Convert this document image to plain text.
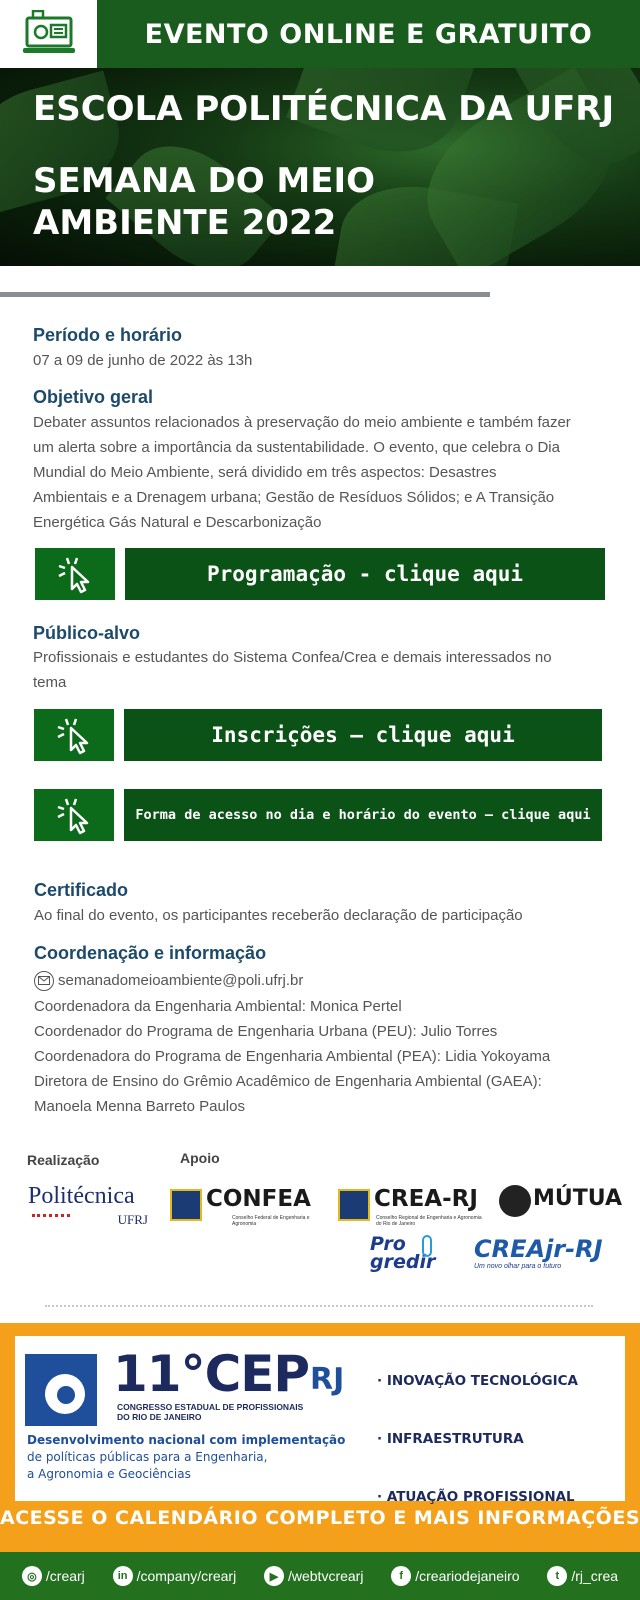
EVENTO ONLINE E GRATUITO
ESCOLA POLITÉCNICA DA UFRJ
SEMANA DO MEIO
AMBIENTE 2022
Período e horário
07 a 09 de junho de 2022 às 13h
Objetivo geral
Debater assuntos relacionados à preservação do meio ambiente e também fazer
um alerta sobre a importância da sustentabilidade. O evento, que celebra o Dia
Mundial do Meio Ambiente, será dividido em três aspectos: Desastres
Ambientais e a Drenagem urbana; Gestão de Resíduos Sólidos; e A Transição
Energética Gás Natural e Descarbonização
Programação - clique aqui
Público-alvo
Profissionais e estudantes do Sistema Confea/Crea e demais interessados no
tema
Inscrições – clique aqui
Forma de acesso no dia e horário do evento – clique aqui
Certificado
Ao final do evento, os participantes receberão declaração de participação
Coordenação e informação
semanadomeioambiente@poli.ufrj.br
Coordenadora da Engenharia Ambiental: Monica Pertel
Coordenador do Programa de Engenharia Urbana (PEU): Julio Torres
Coordenadora do Programa de Engenharia Ambiental (PEA): Lidia Yokoyama
Diretora de Ensino do Grêmio Acadêmico de Engenharia Ambiental (GAEA):
Manoela Menna Barreto Paulos
Realização	Apoio
Politécnica
UFRJ
CONFEA
Conselho Federal de Engenharia e Agronomia
CREA-RJ
Conselho Regional de Engenharia e Agronomia do Rio de Janeiro
MÚTUA
Pro
gredir	CREAjr-RJ
Um novo olhar para o futuro
11°CEP RJ
CONGRESSO ESTADUAL DE PROFISSIONAIS
DO RIO DE JANEIRO
Desenvolvimento nacional com implementação
de políticas públicas para a Engenharia,
a Agronomia e Geociências
· INOVAÇÃO TECNOLÓGICA
· INFRAESTRUTURA
· ATUAÇÃO PROFISSIONAL
ACESSE O CALENDÁRIO COMPLETO E MAIS INFORMAÇÕES
◎ /crearj	in /company/crearj	▶ /webtvcrearj	f /creariodejaneiro	t /rj_crea
